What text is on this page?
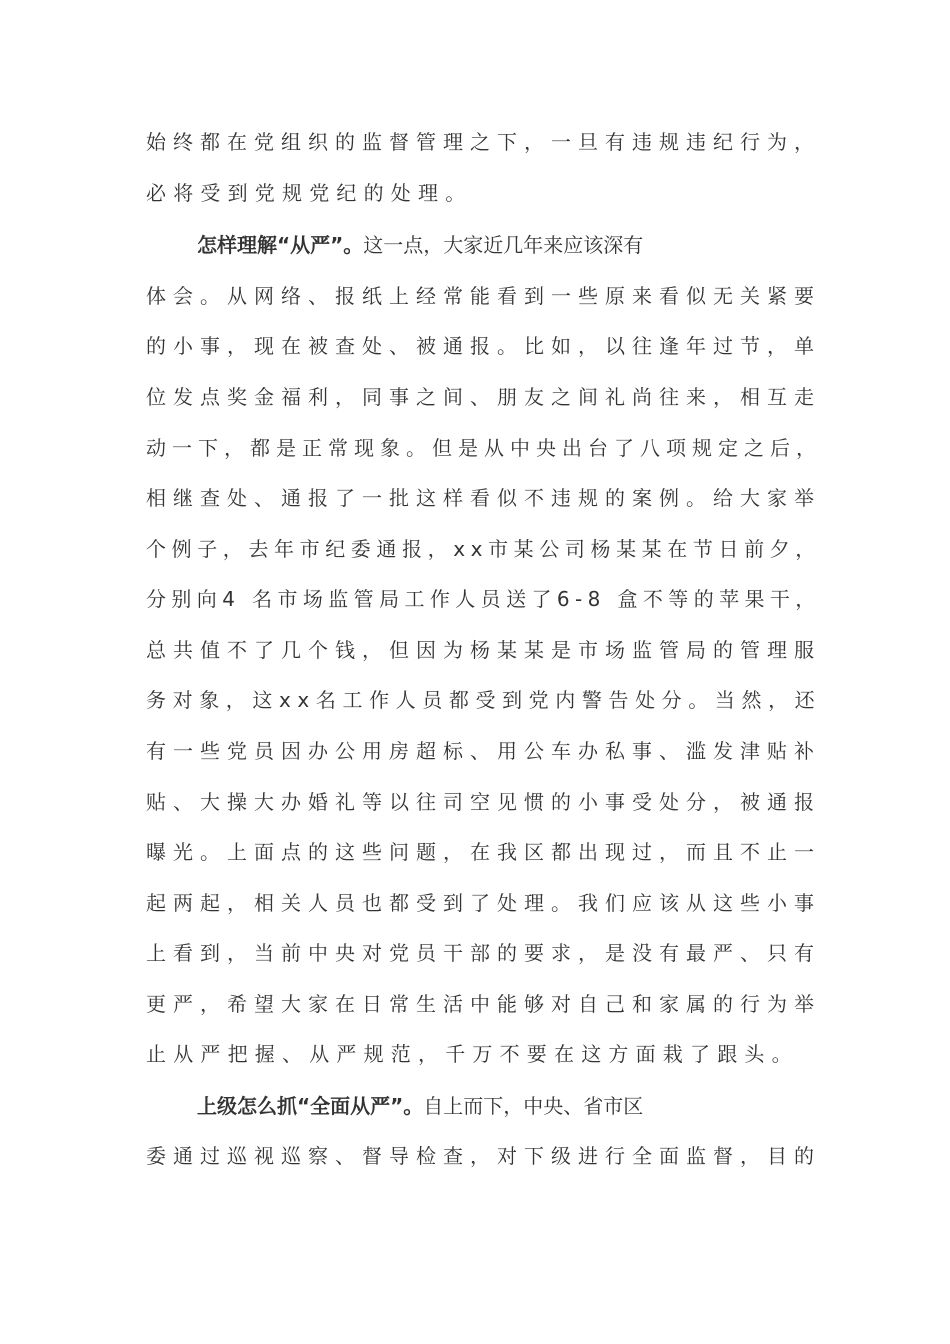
始终都在党组织的监督管理之下，一旦有违规违纪行为，

必将受到党规党纪的处理。

怎样理解“从严”。这一点，大家近几年来应该深有

体会。从网络、报纸上经常能看到一些原来看似无关紧要

的小事，现在被查处、被通报。比如，以往逢年过节，单

位发点奖金福利，同事之间、朋友之间礼尚往来，相互走

动一下，都是正常现象。但是从中央出台了八项规定之后，

相继查处、通报了一批这样看似不违规的案例。给大家举

个例子，去年市纪委通报，xx市某公司杨某某在节日前夕，

分别向4 名市场监管局工作人员送了6-8 盒不等的苹果干，

总共值不了几个钱，但因为杨某某是市场监管局的管理服

务对象，这xx名工作人员都受到党内警告处分。当然，还

有一些党员因办公用房超标、用公车办私事、滥发津贴补

贴、大操大办婚礼等以往司空见惯的小事受处分，被通报

曝光。上面点的这些问题，在我区都出现过，而且不止一

起两起，相关人员也都受到了处理。我们应该从这些小事

上看到，当前中央对党员干部的要求，是没有最严、只有

更严，希望大家在日常生活中能够对自己和家属的行为举

止从严把握、从严规范，千万不要在这方面栽了跟头。

上级怎么抓“全面从严”。自上而下，中央、省市区

委通过巡视巡察、督导检查，对下级进行全面监督，目的
